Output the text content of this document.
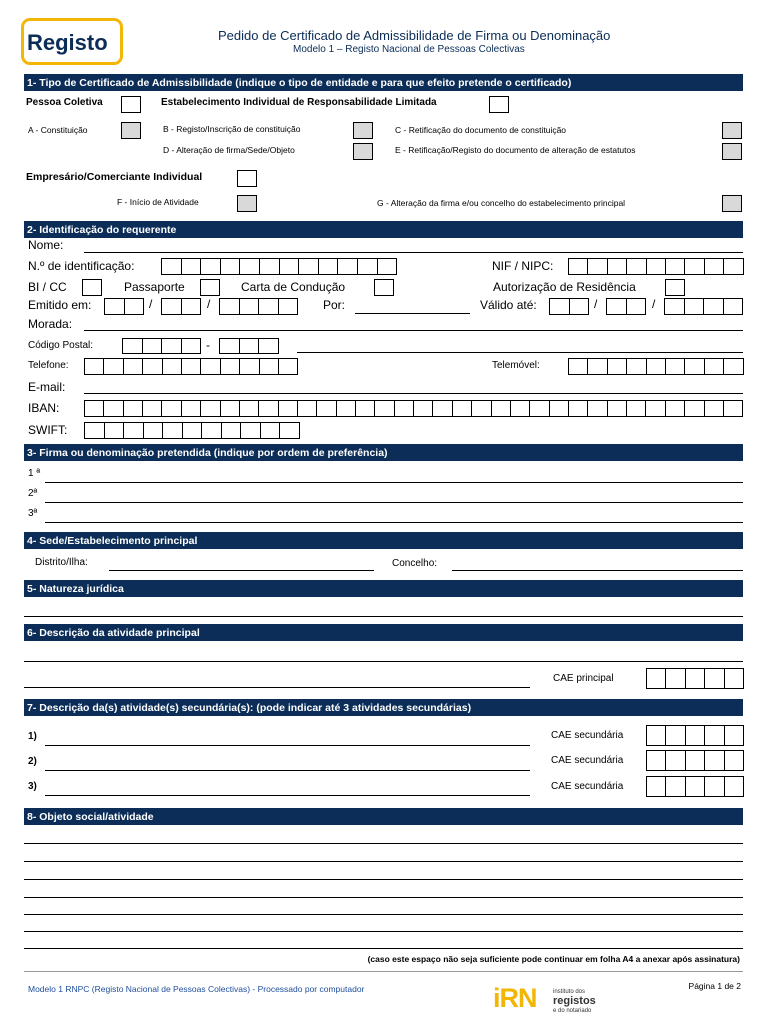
Registo	Pedido de Certificado de Admissibilidade de Firma ou Denominação
Modelo 1 – Registo Nacional de Pessoas Colectivas
1- Tipo de Certificado de Admissibilidade (indique o tipo de entidade e para que efeito pretende o certificado)
Pessoa Coletiva	Estabelecimento Individual de Responsabilidade Limitada
A - Constituição	B - Registo/Inscrição de constituição	C - Retificação do documento de constituição
D - Alteração de firma/Sede/Objeto	E - Retificação/Registo do documento de alteração de estatutos
Empresário/Comerciante Individual
F - Início de Atividade	G - Alteração da firma e/ou concelho do estabelecimento principal
2- Identificação do requerente
Nome:
N.º de identificação:	NIF / NIPC:
BI / CC	Passaporte	Carta de Condução	Autorização de Residência
Emitido em:	/	/	Por:	Válido até:	/	/
Morada:
Código Postal:	-
Telefone:	Telemóvel:
E-mail:
IBAN:
SWIFT:
3- Firma ou denominação pretendida (indique por ordem de preferência)
1 ª
2ª
3ª
4- Sede/Estabelecimento principal
Distrito/Ilha:	Concelho:
5- Natureza jurídica
6- Descrição da atividade principal
CAE principal
7- Descrição da(s) atividade(s) secundária(s): (pode indicar até 3 atividades secundárias)
1)	CAE secundária
2)	CAE secundária
3)	CAE secundária
8- Objeto social/atividade
(caso este espaço não seja suficiente pode continuar em folha A4 a anexar após assinatura)
Modelo 1 RNPC (Registo Nacional de Pessoas Colectivas) - Processado por computador	iRN	instituto dos
registos
e do notariado
Página 1 de 2
